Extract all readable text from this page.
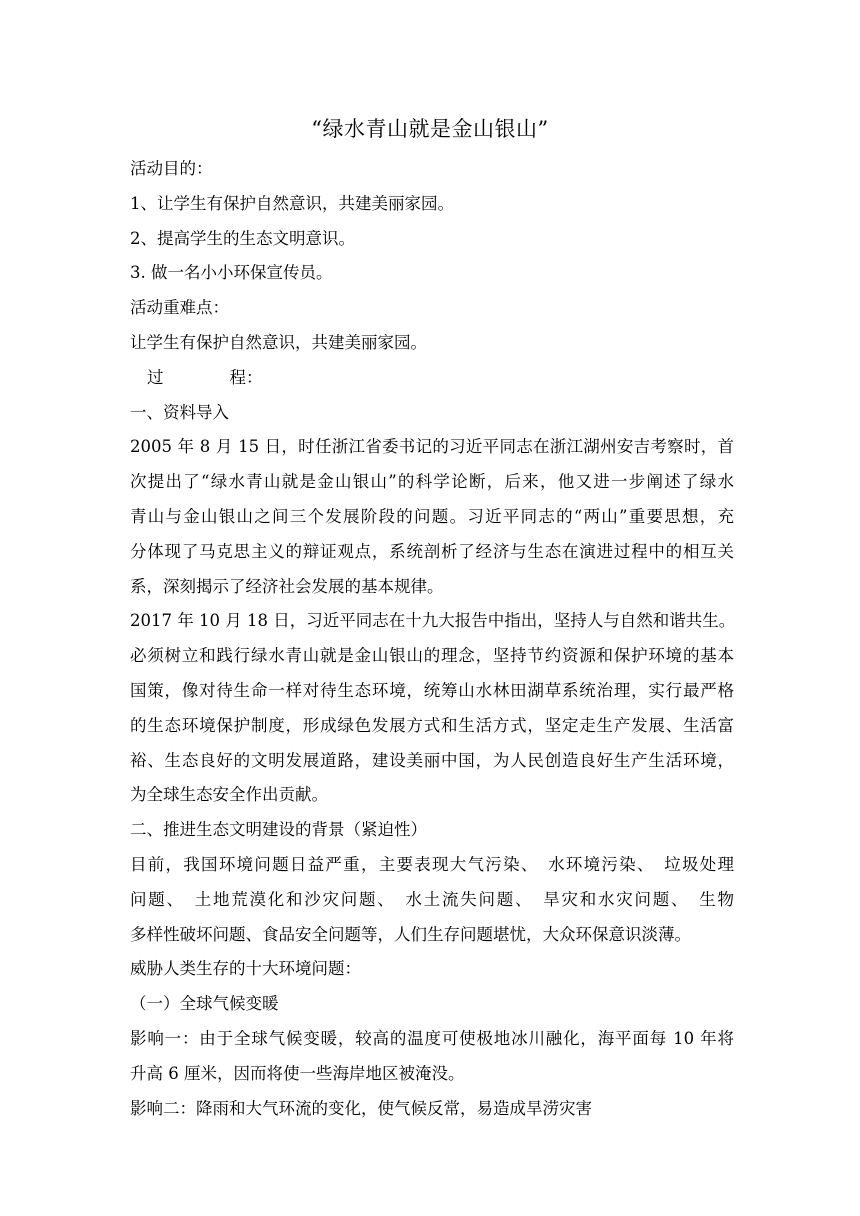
“绿水青山就是金山银山”
活动目的：
1、让学生有保护自然意识，共建美丽家园。
2、提高学生的生态文明意识。
3. 做一名小小环保宣传员。
活动重难点：
让学生有保护自然意识，共建美丽家园。
过	程：
一、资料导入
2005 年 8 月 15 日，时任浙江省委书记的习近平同志在浙江湖州安吉考察时，首
次提出了“绿水青山就是金山银山”的科学论断，后来，他又进一步阐述了绿水
青山与金山银山之间三个发展阶段的问题。习近平同志的“两山”重要思想，充
分体现了马克思主义的辩证观点，系统剖析了经济与生态在演进过程中的相互关
系，深刻揭示了经济社会发展的基本规律。
2017 年 10 月 18 日，习近平同志在十九大报告中指出，坚持人与自然和谐共生。
必须树立和践行绿水青山就是金山银山的理念，坚持节约资源和保护环境的基本
国策，像对待生命一样对待生态环境，统筹山水林田湖草系统治理，实行最严格
的生态环境保护制度，形成绿色发展方式和生活方式，坚定走生产发展、生活富
裕、生态良好的文明发展道路，建设美丽中国，为人民创造良好生产生活环境，
为全球生态安全作出贡献。
二、推进生态文明建设的背景（紧迫性）
目前，我国环境问题日益严重，主要表现大气污染、　水环境污染、　垃圾处理
问题、　土地荒漠化和沙灾问题、　水土流失问题、　旱灾和水灾问题、　生物
多样性破坏问题、食品安全问题等，人们生存问题堪忧，大众环保意识淡薄。
威胁人类生存的十大环境问题：
（一）全球气候变暖
影响一：由于全球气候变暖，较高的温度可使极地冰川融化，海平面每 10 年将
升高 6 厘米，因而将使一些海岸地区被淹没。
影响二：降雨和大气环流的变化，使气候反常，易造成旱涝灾害
